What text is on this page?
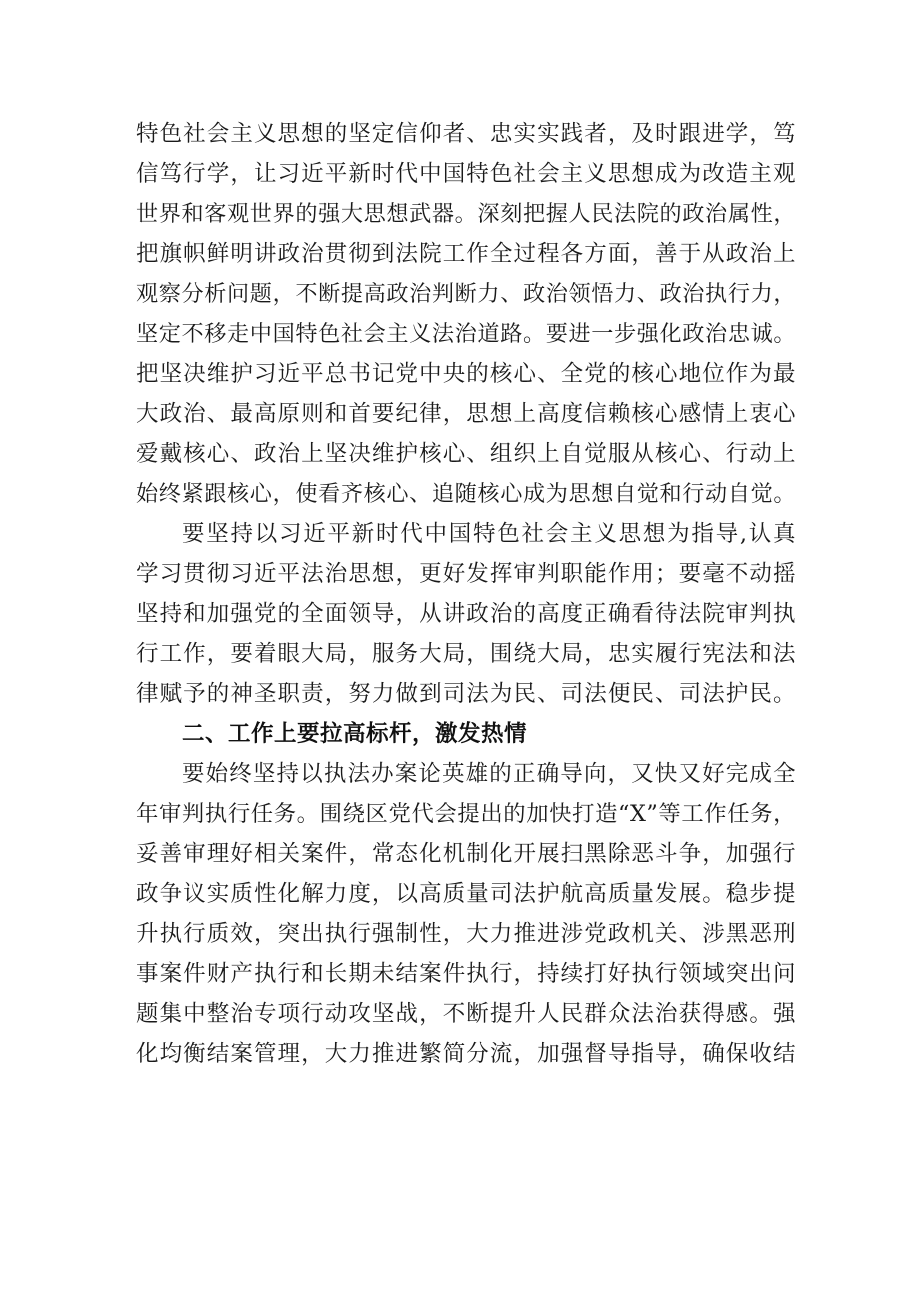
特色社会主义思想的坚定信仰者、忠实实践者，及时跟进学，笃
信笃行学，让习近平新时代中国特色社会主义思想成为改造主观
世界和客观世界的强大思想武器。深刻把握人民法院的政治属性，
把旗帜鲜明讲政治贯彻到法院工作全过程各方面，善于从政治上
观察分析问题，不断提高政治判断力、政治领悟力、政治执行力，
坚定不移走中国特色社会主义法治道路。要进一步强化政治忠诚。
把坚决维护习近平总书记党中央的核心、全党的核心地位作为最
大政治、最高原则和首要纪律，思想上高度信赖核心感情上衷心
爱戴核心、政治上坚决维护核心、组织上自觉服从核心、行动上
始终紧跟核心，使看齐核心、追随核心成为思想自觉和行动自觉。
要坚持以习近平新时代中国特色社会主义思想为指导,认真
学习贯彻习近平法治思想，更好发挥审判职能作用；要毫不动摇
坚持和加强党的全面领导，从讲政治的高度正确看待法院审判执
行工作，要着眼大局，服务大局，围绕大局，忠实履行宪法和法
律赋予的神圣职责，努力做到司法为民、司法便民、司法护民。
二、工作上要拉高标杆，激发热情
要始终坚持以执法办案论英雄的正确导向，又快又好完成全
年审判执行任务。围绕区党代会提出的加快打造“X”等工作任务，
妥善审理好相关案件，常态化机制化开展扫黑除恶斗争，加强行
政争议实质性化解力度，以高质量司法护航高质量发展。稳步提
升执行质效，突出执行强制性，大力推进涉党政机关、涉黑恶刑
事案件财产执行和长期未结案件执行，持续打好执行领域突出问
题集中整治专项行动攻坚战，不断提升人民群众法治获得感。强
化均衡结案管理，大力推进繁简分流，加强督导指导，确保收结
